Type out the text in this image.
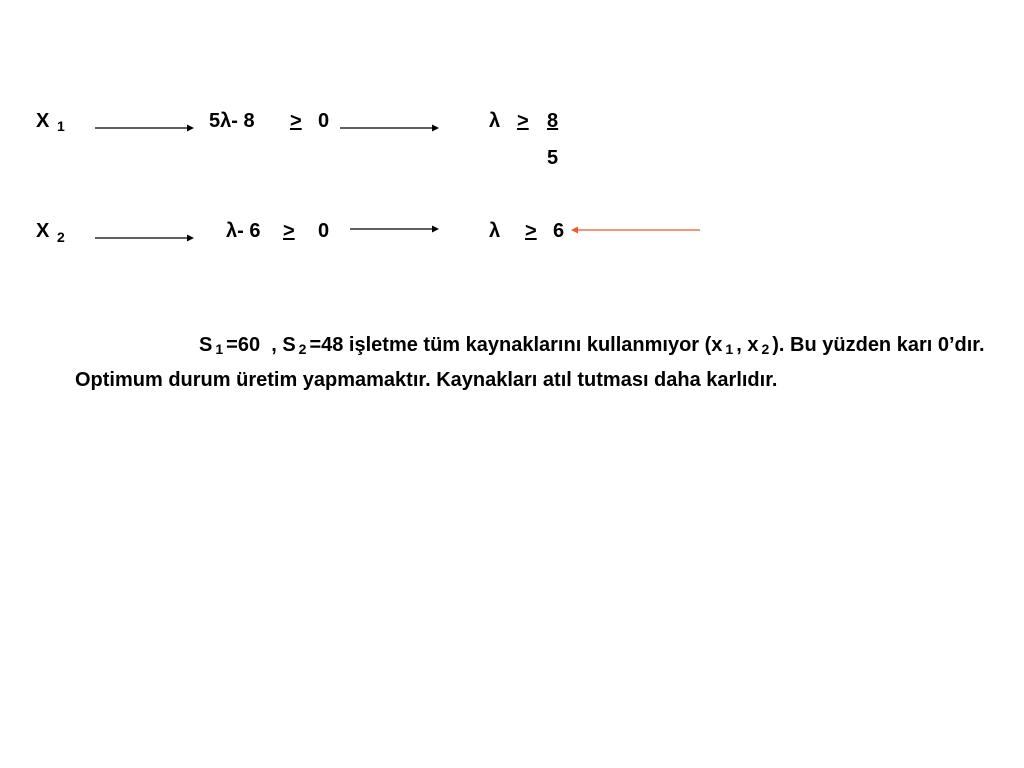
X 1	5λ- 8 > 0	λ > 8
5
X 2	λ- 6 > 0	λ > 6
S 1 =60 , S 2 =48 işletme tüm kaynaklarını kullanmıyor (x 1 , x 2 ). Bu yüzden karı 0’dır. Optimum durum üretim yapmamaktır. Kaynakları atıl tutması daha karlıdır.
